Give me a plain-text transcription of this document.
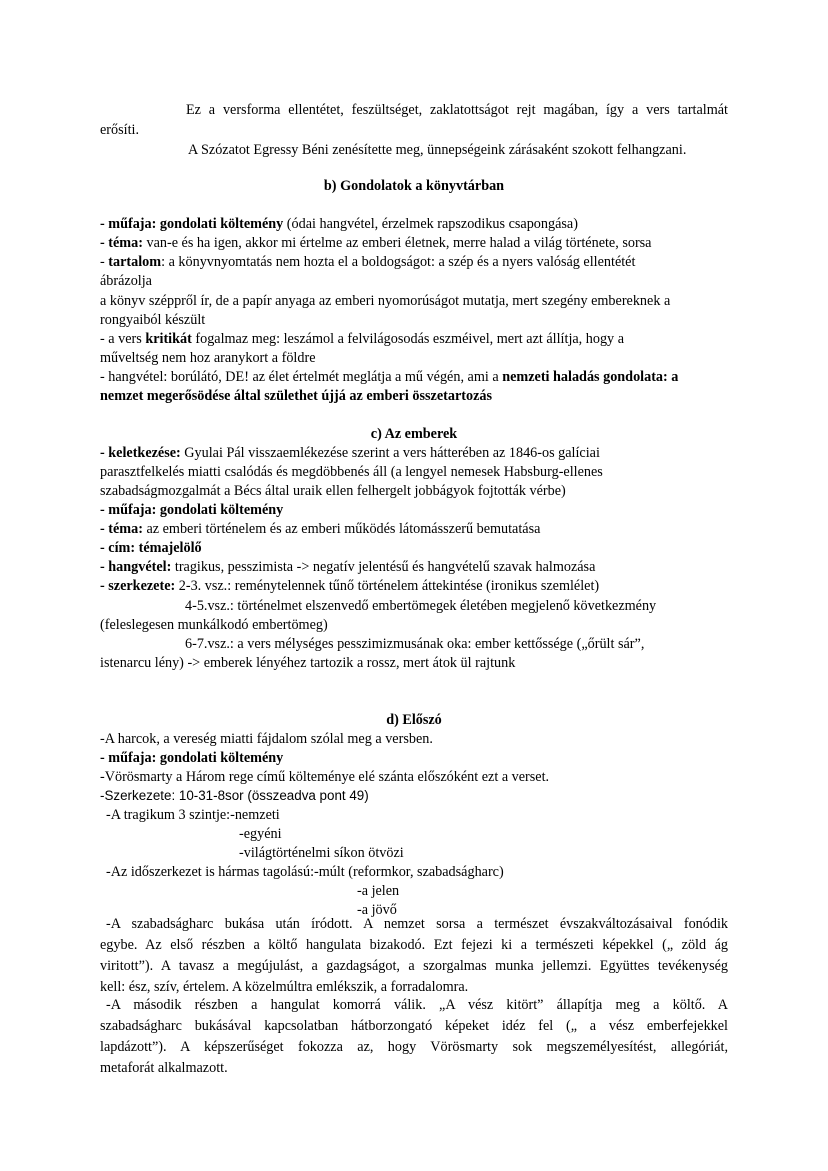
Ez a versforma ellentétet, feszültséget, zaklatottságot rejt magában, így a vers tartalmát
erősíti.
A Szózatot Egressy Béni zenésítette meg, ünnepségeink zárásaként szokott felhangzani.
b) Gondolatok a könyvtárban
- műfaja: gondolati költemény (ódai hangvétel, érzelmek rapszodikus csapongása)
- téma: van-e és ha igen, akkor mi értelme az emberi életnek, merre halad a világ története, sorsa
- tartalom: a könyvnyomtatás nem hozta el a boldogságot: a szép és a nyers valóság ellentétét
ábrázolja
a könyv széppről ír, de a papír anyaga az emberi nyomorúságot mutatja, mert szegény embereknek a
rongyaiból készült
- a vers kritikát fogalmaz meg: leszámol a felvilágosodás eszméivel, mert azt állítja, hogy a
műveltség nem hoz aranykort a földre
- hangvétel: borúlátó, DE! az élet értelmét meglátja a mű végén, ami a nemzeti haladás gondolata: a
nemzet megerősödése által születhet újjá az emberi összetartozás
c) Az emberek
- keletkezése: Gyulai Pál visszaemlékezése szerint a vers hátterében az 1846-os galíciai
parasztfelkelés miatti csalódás és megdöbbenés áll (a lengyel nemesek Habsburg-ellenes
szabadságmozgalmát a Bécs által uraik ellen felhergelt jobbágyok fojtották vérbe)
- műfaja: gondolati költemény
- téma: az emberi történelem és az emberi működés látomásszerű bemutatása
- cím: témajelölő
- hangvétel: tragikus, pesszimista -> negatív jelentésű és hangvételű szavak halmozása
- szerkezete: 2-3. vsz.: reménytelennek tűnő történelem áttekintése (ironikus szemlélet)
4-5.vsz.: történelmet elszenvedő embertömegek életében megjelenő következmény
(feleslegesen munkálkodó embertömeg)
6-7.vsz.: a vers mélységes pesszimizmusának oka: ember kettőssége („őrült sár”,
istenarcu lény) -> emberek lényéhez tartozik a rossz, mert átok ül rajtunk
d) Előszó
-A harcok, a vereség miatti fájdalom szólal meg a versben.
- műfaja: gondolati költemény
-Vörösmarty a Három rege című költeménye elé szánta előszóként ezt a verset.
-Szerkezete: 10-31-8sor (összeadva pont 49)
-A tragikum 3 szintje:-nemzeti
-egyéni
-világtörténelmi síkon ötvözi
-Az időszerkezet is hármas tagolású:-múlt (reformkor, szabadságharc)
-a jelen
-a jövő
-A szabadságharc bukása után íródott. A nemzet sorsa a természet évszakváltozásaival fonódik
egybe. Az első részben a költő hangulata bizakodó. Ezt fejezi ki a természeti képekkel („ zöld ág
viritott”). A tavasz a megújulást, a gazdagságot, a szorgalmas munka jellemzi. Együttes tevékenység
kell: ész, szív, értelem. A közelmúltra emlékszik, a forradalomra.
-A második részben a hangulat komorrá válik. „A vész kitört” állapítja meg a költő. A
szabadságharc bukásával kapcsolatban hátborzongató képeket idéz fel („ a vész emberfejekkel
lapdázott”). A képszerűséget fokozza az, hogy Vörösmarty sok megszemélyesítést, allegóriát,
metaforát alkalmazott.
